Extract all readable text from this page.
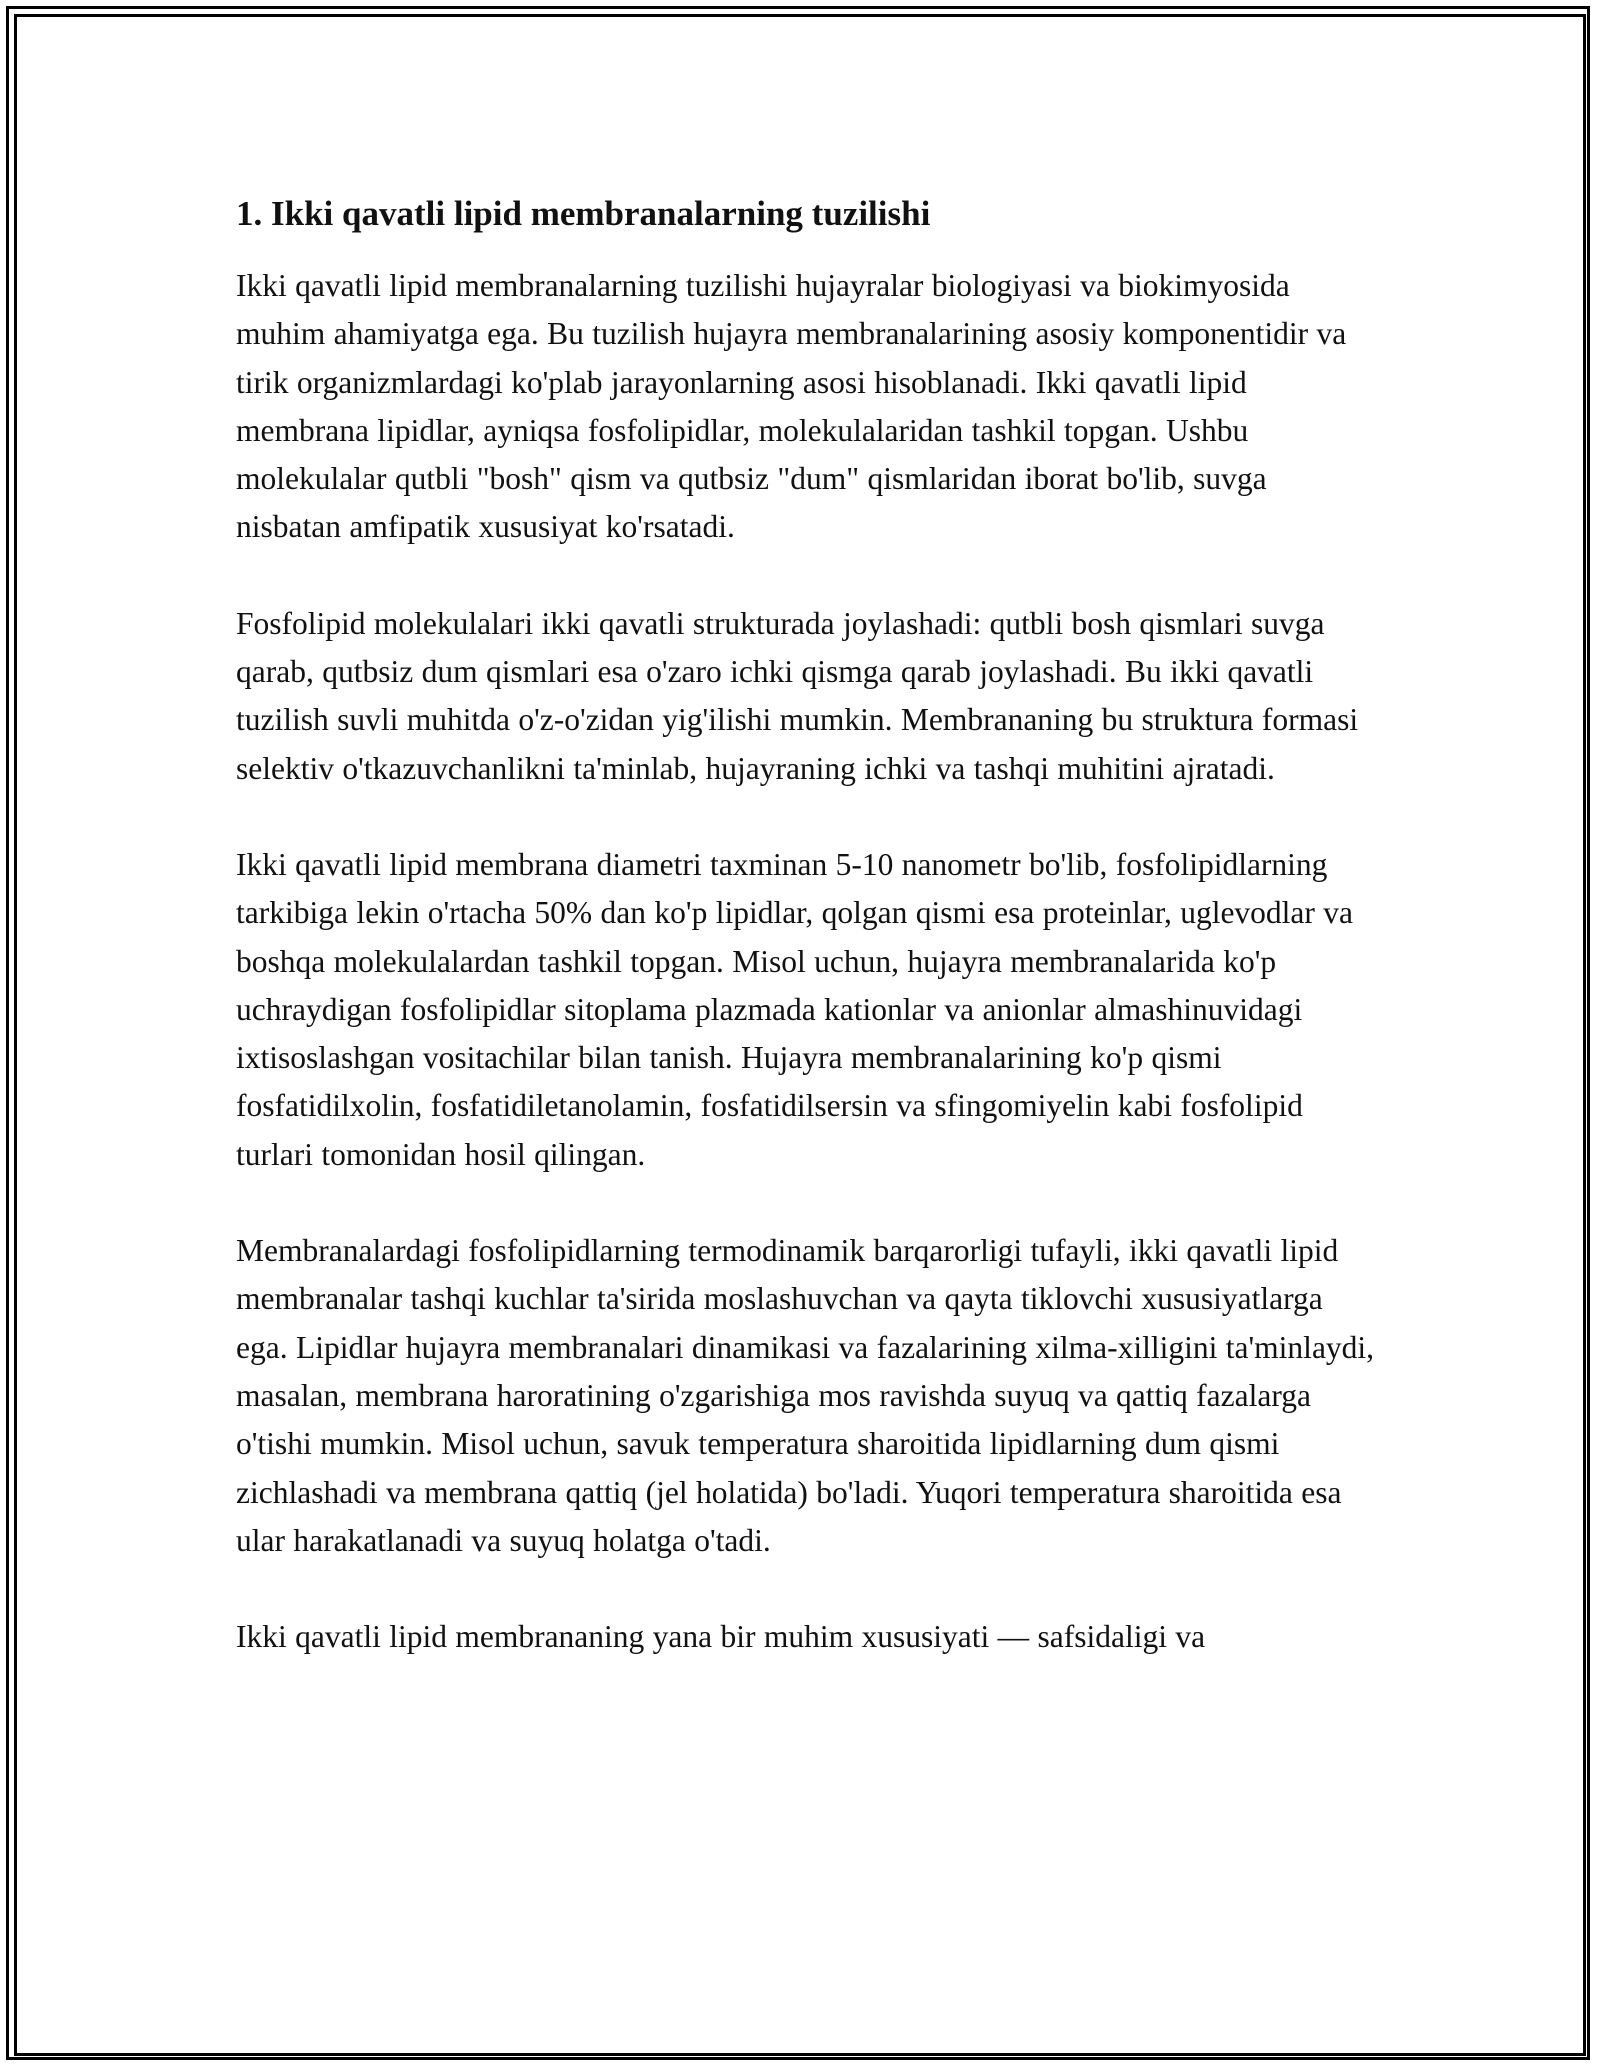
1. Ikki qavatli lipid membranalarning tuzilishi

Ikki qavatli lipid membranalarning tuzilishi hujayralar biologiyasi va biokimyosida muhim ahamiyatga ega. Bu tuzilish hujayra membranalarining asosiy komponentidir va tirik organizmlardagi ko'plab jarayonlarning asosi hisoblanadi. Ikki qavatli lipid membrana lipidlar, ayniqsa fosfolipidlar, molekulalaridan tashkil topgan. Ushbu molekulalar qutbli "bosh" qism va qutbsiz "dum" qismlaridan iborat bo'lib, suvga nisbatan amfipatik xususiyat ko'rsatadi.

Fosfolipid molekulalari ikki qavatli strukturada joylashadi: qutbli bosh qismlari suvga qarab, qutbsiz dum qismlari esa o'zaro ichki qismga qarab joylashadi. Bu ikki qavatli tuzilish suvli muhitda o'z-o'zidan yig'ilishi mumkin. Membrananing bu struktura formasi selektiv o'tkazuvchanlikni ta'minlab, hujayraning ichki va tashqi muhitini ajratadi.

Ikki qavatli lipid membrana diametri taxminan 5-10 nanometr bo'lib, fosfolipidlarning tarkibiga lekin o'rtacha 50% dan ko'p lipidlar, qolgan qismi esa proteinlar, uglevodlar va boshqa molekulalardan tashkil topgan. Misol uchun, hujayra membranalarida ko'p uchraydigan fosfolipidlar sitoplama plazmada kationlar va anionlar almashinuvidagi ixtisoslashgan vositachilar bilan tanish. Hujayra membranalarining ko'p qismi fosfatidilxolin, fosfatidiletanolamin, fosfatidilsersin va sfingomiyelin kabi fosfolipid turlari tomonidan hosil qilingan.

Membranalardagi fosfolipidlarning termodinamik barqarorligi tufayli, ikki qavatli lipid membranalar tashqi kuchlar ta'sirida moslashuvchan va qayta tiklovchi xususiyatlarga ega. Lipidlar hujayra membranalari dinamikasi va fazalarining xilma-xilligini ta'minlaydi, masalan, membrana haroratining o'zgarishiga mos ravishda suyuq va qattiq fazalarga o'tishi mumkin. Misol uchun, savuk temperatura sharoitida lipidlarning dum qismi zichlashadi va membrana qattiq (jel holatida) bo'ladi. Yuqori temperatura sharoitida esa ular harakatlanadi va suyuq holatga o'tadi.

Ikki qavatli lipid membrananing yana bir muhim xususiyati — safsidaligi va
